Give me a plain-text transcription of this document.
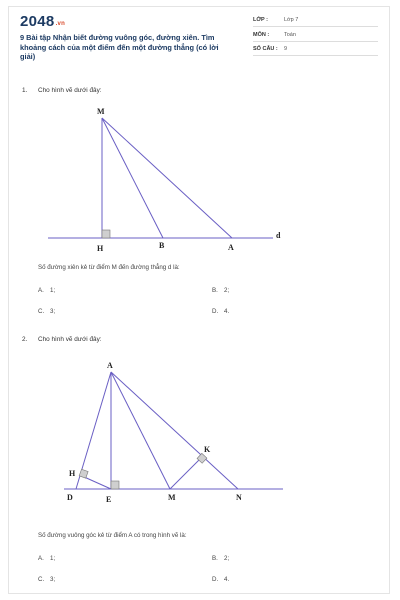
2048.vn
9 Bài tập Nhận biết đường vuông góc, đường xiên. Tìm khoảng cách của một điểm đến một đường thẳng (có lời giải)
LỚP :	Lớp 7
MÔN :	Toán
SỐ CÂU : 9
1. Cho hình vẽ dưới đây:
M
H	B	A
d
A
H
K
D	E	M	N
Số đường xiên kẻ từ điểm M đến đường thẳng d là:
A. 1;	B. 2;
C. 3;	D. 4.
2. Cho hình vẽ dưới đây:
Số đường vuông góc kẻ từ điểm A có trong hình vẽ là:
A. 1;	B. 2;
C. 3;	D. 4.
